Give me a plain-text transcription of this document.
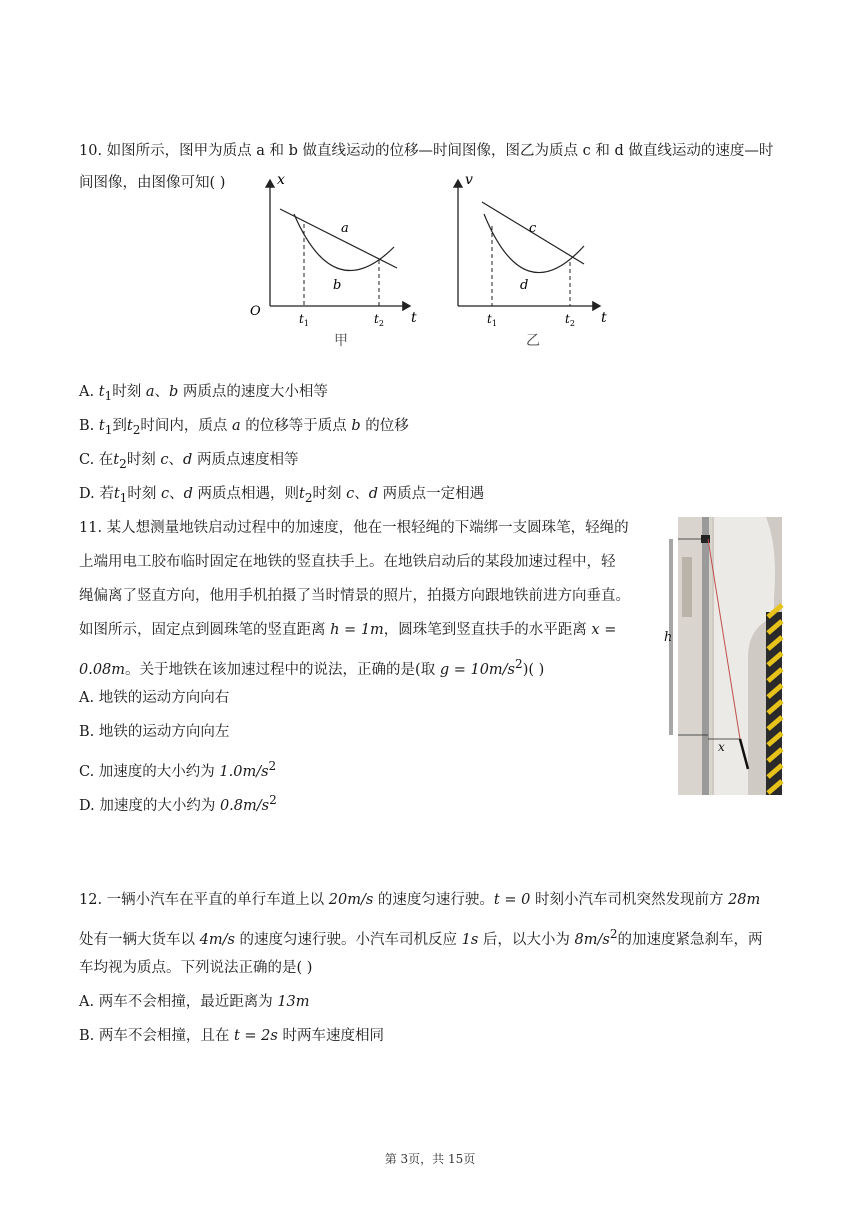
10. 如图所示，图甲为质点 a 和 b 做直线运动的位移—时间图像，图乙为质点 c 和 d 做直线运动的速度—时
间图像，由图像可知( )	x
t
O
a
b
$t_1$	$t_2$
甲
v
t
c
d
$t_1$	$t_2$
乙
A. $t_1$时刻 a、b 两质点的速度大小相等
B. $t_1$到$t_2$时间内，质点 a 的位移等于质点 b 的位移
C. 在$t_2$时刻 c、d 两质点速度相等
D. 若$t_1$时刻 c、d 两质点相遇，则$t_2$时刻 c、d 两质点一定相遇
11. 某人想测量地铁启动过程中的加速度，他在一根轻绳的下端绑一支圆珠笔，轻绳的
上端用电工胶布临时固定在地铁的竖直扶手上。在地铁启动后的某段加速过程中，轻
绳偏离了竖直方向，他用手机拍摄了当时情景的照片，拍摄方向跟地铁前进方向垂直。
如图所示，固定点到圆珠笔的竖直距离 h = 1m，圆珠笔到竖直扶手的水平距离 x =
0.08m。关于地铁在该加速过程中的说法，正确的是(取 $g = 10m/s^2$)( )
A. 地铁的运动方向向右
B. 地铁的运动方向向左
C. 加速度的大小约为 $1.0m/s^2$
D. 加速度的大小约为 $0.8m/s^2$
h
x
12. 一辆小汽车在平直的单行车道上以 20m/s 的速度匀速行驶。t = 0 时刻小汽车司机突然发现前方 28m
处有一辆大货车以 4m/s 的速度匀速行驶。小汽车司机反应 1s 后，以大小为 $8m/s^2$的加速度紧急刹车，两
车均视为质点。下列说法正确的是( )
A. 两车不会相撞，最近距离为 13m
B. 两车不会相撞，且在 t = 2s 时两车速度相同
第 3页，共 15页
